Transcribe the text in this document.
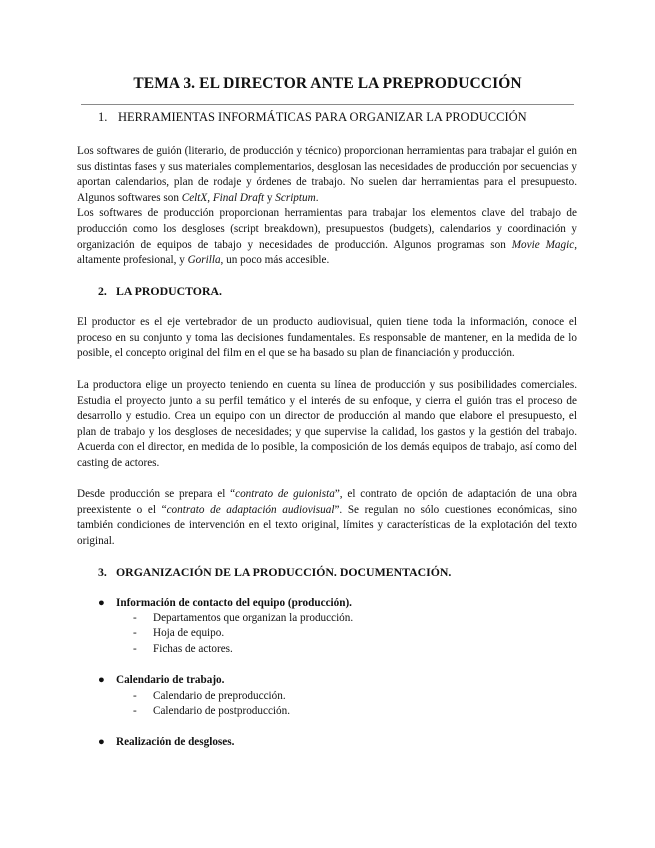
TEMA 3. EL DIRECTOR ANTE LA PREPRODUCCIÓN
1. HERRAMIENTAS INFORMÁTICAS PARA ORGANIZAR LA PRODUCCIÓN
Los softwares de guión (literario, de producción y técnico) proporcionan herramientas para trabajar el guión en sus distintas fases y sus materiales complementarios, desglosan las necesidades de producción por secuencias y aportan calendarios, plan de rodaje y órdenes de trabajo. No suelen dar herramientas para el presupuesto. Algunos softwares son CeltX, Final Draft y Scriptum.
Los softwares de producción proporcionan herramientas para trabajar los elementos clave del trabajo de producción como los desgloses (script breakdown), presupuestos (budgets), calendarios y coordinación y organización de equipos de tabajo y necesidades de producción. Algunos programas son Movie Magic, altamente profesional, y Gorilla, un poco más accesible.
2. LA PRODUCTORA.
El productor es el eje vertebrador de un producto audiovisual, quien tiene toda la información, conoce el proceso en su conjunto y toma las decisiones fundamentales. Es responsable de mantener, en la medida de lo posible, el concepto original del film en el que se ha basado su plan de financiación y producción.
La productora elige un proyecto teniendo en cuenta su línea de producción y sus posibilidades comerciales. Estudia el proyecto junto a su perfil temático y el interés de su enfoque, y cierra el guión tras el proceso de desarrollo y estudio. Crea un equipo con un director de producción al mando que elabore el presupuesto, el plan de trabajo y los desgloses de necesidades; y que supervise la calidad, los gastos y la gestión del trabajo. Acuerda con el director, en medida de lo posible, la composición de los demás equipos de trabajo, así como del casting de actores.
Desde producción se prepara el “contrato de guionista”, el contrato de opción de adaptación de una obra preexistente o el “contrato de adaptación audiovisual”. Se regulan no sólo cuestiones económicas, sino también condiciones de intervención en el texto original, límites y características de la explotación del texto original.
3. ORGANIZACIÓN DE LA PRODUCCIÓN. DOCUMENTACIÓN.
● Información de contacto del equipo (producción).
- Departamentos que organizan la producción.
- Hoja de equipo.
- Fichas de actores.
● Calendario de trabajo.
- Calendario de preproducción.
- Calendario de postproducción.
● Realización de desgloses.
